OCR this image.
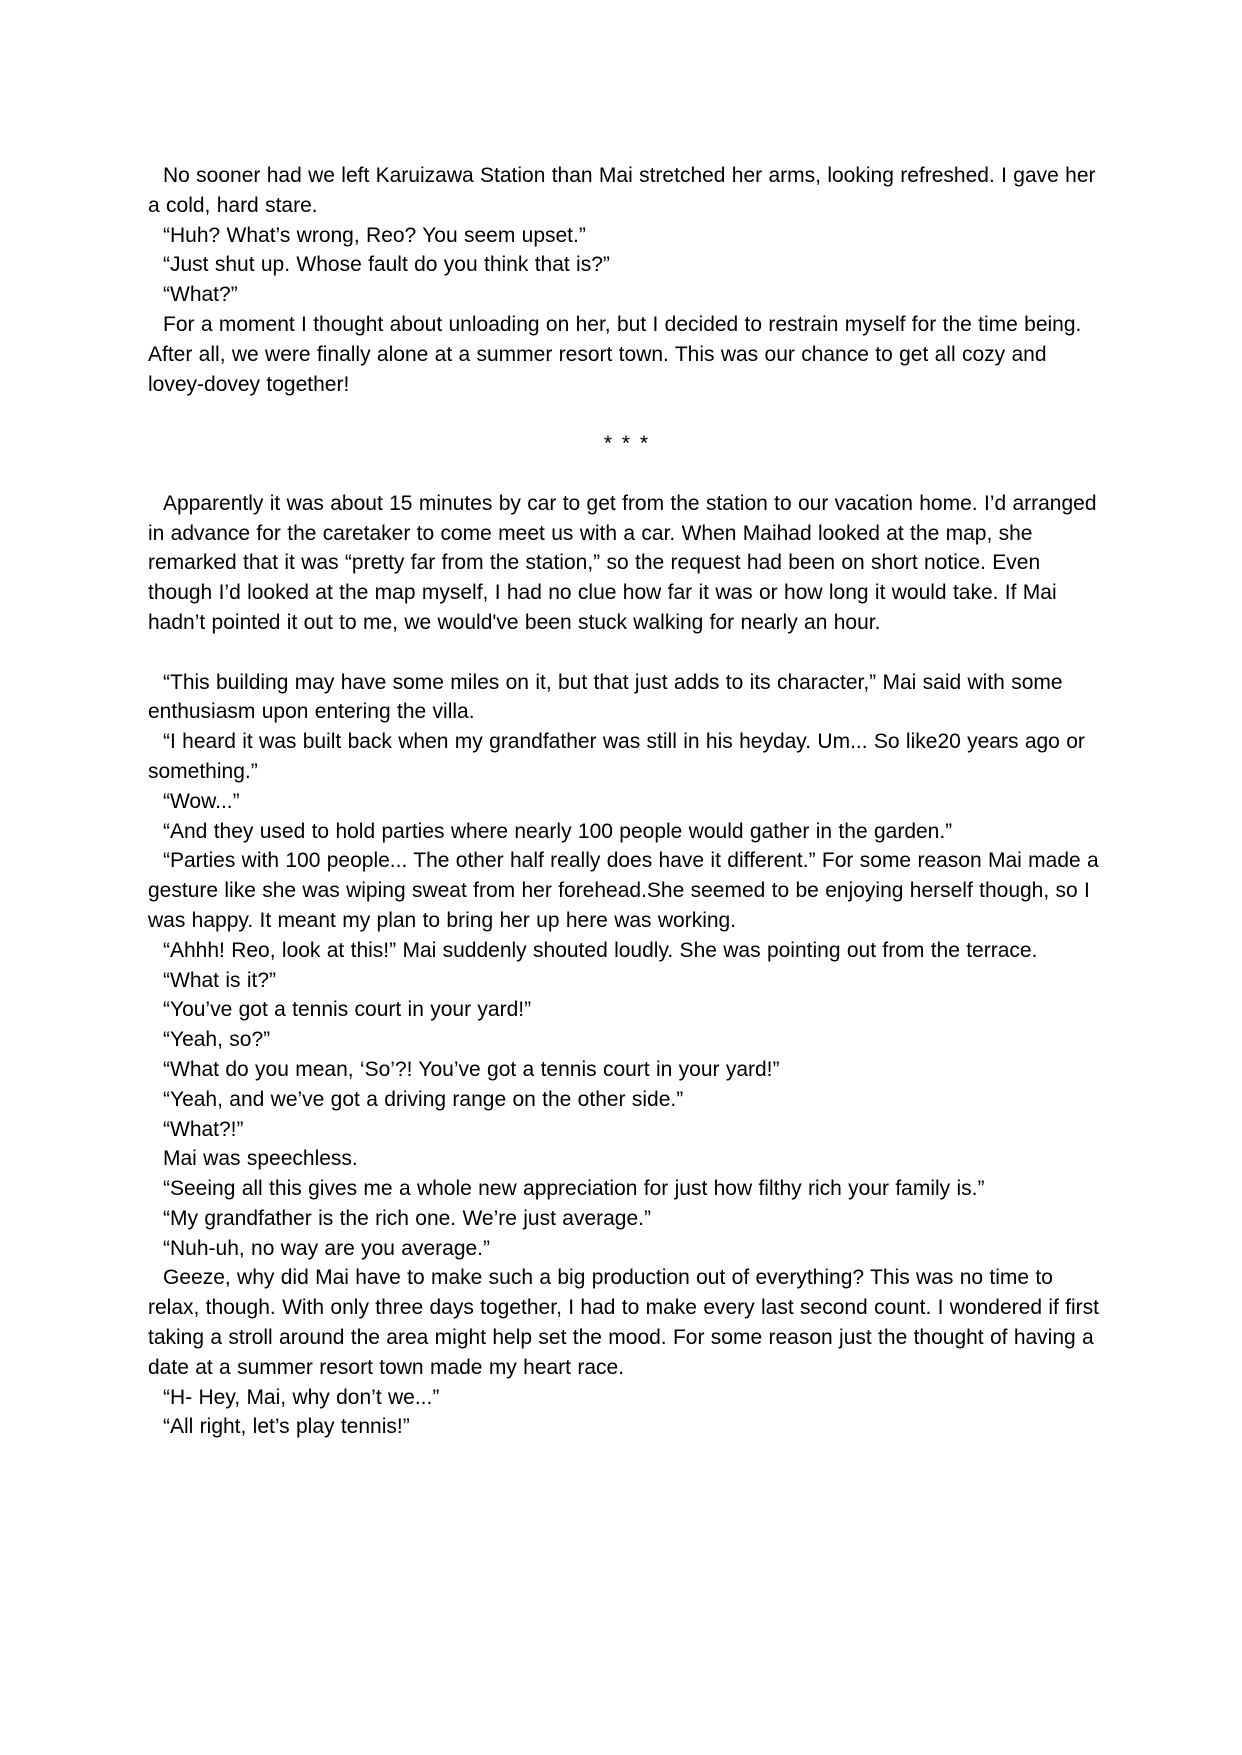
No sooner had we left Karuizawa Station than Mai stretched her arms, looking refreshed. I gave her a cold, hard stare.

“Huh? What’s wrong, Reo? You seem upset.”

“Just shut up. Whose fault do you think that is?”

“What?”

For a moment I thought about unloading on her, but I decided to restrain myself for the time being. After all, we were finally alone at a summer resort town. This was our chance to get all cozy and lovey-dovey together!

* * *

Apparently it was about 15 minutes by car to get from the station to our vacation home. I’d arranged in advance for the caretaker to come meet us with a car. When Maihad looked at the map, she remarked that it was “pretty far from the station,” so the request had been on short notice. Even though I’d looked at the map myself, I had no clue how far it was or how long it would take. If Mai hadn’t pointed it out to me, we would've been stuck walking for nearly an hour.

“This building may have some miles on it, but that just adds to its character,” Mai said with some enthusiasm upon entering the villa.

“I heard it was built back when my grandfather was still in his heyday. Um... So like20 years ago or something.”

“Wow...”

“And they used to hold parties where nearly 100 people would gather in the garden.”

“Parties with 100 people... The other half really does have it different.” For some reason Mai made a gesture like she was wiping sweat from her forehead.She seemed to be enjoying herself though, so I was happy. It meant my plan to bring her up here was working.

“Ahhh! Reo, look at this!” Mai suddenly shouted loudly. She was pointing out from the terrace.

“What is it?”

“You’ve got a tennis court in your yard!”

“Yeah, so?”

“What do you mean, ‘So’?! You’ve got a tennis court in your yard!”

“Yeah, and we’ve got a driving range on the other side.”

“What?!”

Mai was speechless.

“Seeing all this gives me a whole new appreciation for just how filthy rich your family is.”

“My grandfather is the rich one. We’re just average.”

“Nuh-uh, no way are you average.”

Geeze, why did Mai have to make such a big production out of everything? This was no time to relax, though. With only three days together, I had to make every last second count. I wondered if first taking a stroll around the area might help set the mood. For some reason just the thought of having a date at a summer resort town made my heart race.

“H- Hey, Mai, why don’t we...”

“All right, let’s play tennis!”
